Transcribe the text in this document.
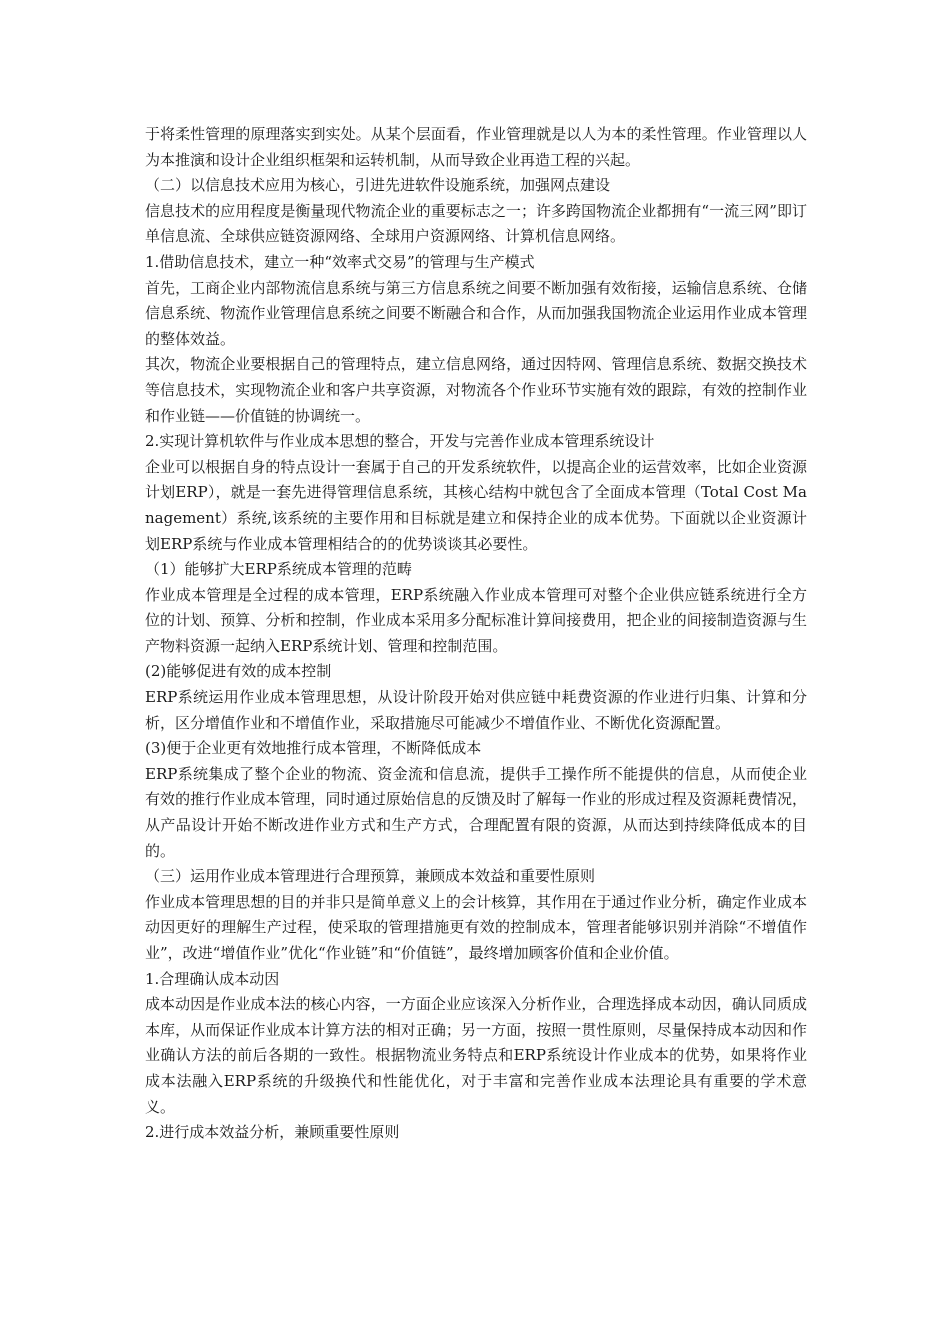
于将柔性管理的原理落实到实处。从某个层面看，作业管理就是以人为本的柔性管理。作业管理以人为本推演和设计企业组织框架和运转机制，从而导致企业再造工程的兴起。

（二）以信息技术应用为核心，引进先进软件设施系统，加强网点建设

信息技术的应用程度是衡量现代物流企业的重要标志之一；许多跨国物流企业都拥有“一流三网”即订单信息流、全球供应链资源网络、全球用户资源网络、计算机信息网络。

1.借助信息技术，建立一种“效率式交易”的管理与生产模式

首先，工商企业内部物流信息系统与第三方信息系统之间要不断加强有效衔接，运输信息系统、仓储信息系统、物流作业管理信息系统之间要不断融合和合作，从而加强我国物流企业运用作业成本管理的整体效益。

其次，物流企业要根据自己的管理特点，建立信息网络，通过因特网、管理信息系统、数据交换技术等信息技术，实现物流企业和客户共享资源，对物流各个作业环节实施有效的跟踪，有效的控制作业和作业链——价值链的协调统一。

2.实现计算机软件与作业成本思想的整合，开发与完善作业成本管理系统设计

企业可以根据自身的特点设计一套属于自己的开发系统软件，以提高企业的运营效率，比如企业资源计划ERP），就是一套先进得管理信息系统，其核心结构中就包含了全面成本管理（Total Cost Management）系统,该系统的主要作用和目标就是建立和保持企业的成本优势。下面就以企业资源计划ERP系统与作业成本管理相结合的的优势谈谈其必要性。

（1）能够扩大ERP系统成本管理的范畴

作业成本管理是全过程的成本管理，ERP系统融入作业成本管理可对整个企业供应链系统进行全方位的计划、预算、分析和控制，作业成本采用多分配标准计算间接费用，把企业的间接制造资源与生产物料资源一起纳入ERP系统计划、管理和控制范围。

(2)能够促进有效的成本控制

ERP系统运用作业成本管理思想，从设计阶段开始对供应链中耗费资源的作业进行归集、计算和分析，区分增值作业和不增值作业，采取措施尽可能减少不增值作业、不断优化资源配置。

(3)便于企业更有效地推行成本管理，不断降低成本

ERP系统集成了整个企业的物流、资金流和信息流，提供手工操作所不能提供的信息，从而使企业有效的推行作业成本管理，同时通过原始信息的反馈及时了解每一作业的形成过程及资源耗费情况，从产品设计开始不断改进作业方式和生产方式，合理配置有限的资源，从而达到持续降低成本的目的。

（三）运用作业成本管理进行合理预算，兼顾成本效益和重要性原则

作业成本管理思想的目的并非只是简单意义上的会计核算，其作用在于通过作业分析，确定作业成本动因更好的理解生产过程，使采取的管理措施更有效的控制成本，管理者能够识别并消除“不增值作业”，改进“增值作业”优化“作业链”和“价值链”，最终增加顾客价值和企业价值。

1.合理确认成本动因

成本动因是作业成本法的核心内容，一方面企业应该深入分析作业，合理选择成本动因，确认同质成本库，从而保证作业成本计算方法的相对正确；另一方面，按照一贯性原则，尽量保持成本动因和作业确认方法的前后各期的一致性。根据物流业务特点和ERP系统设计作业成本的优势，如果将作业成本法融入ERP系统的升级换代和性能优化，对于丰富和完善作业成本法理论具有重要的学术意义。

2.进行成本效益分析，兼顾重要性原则
